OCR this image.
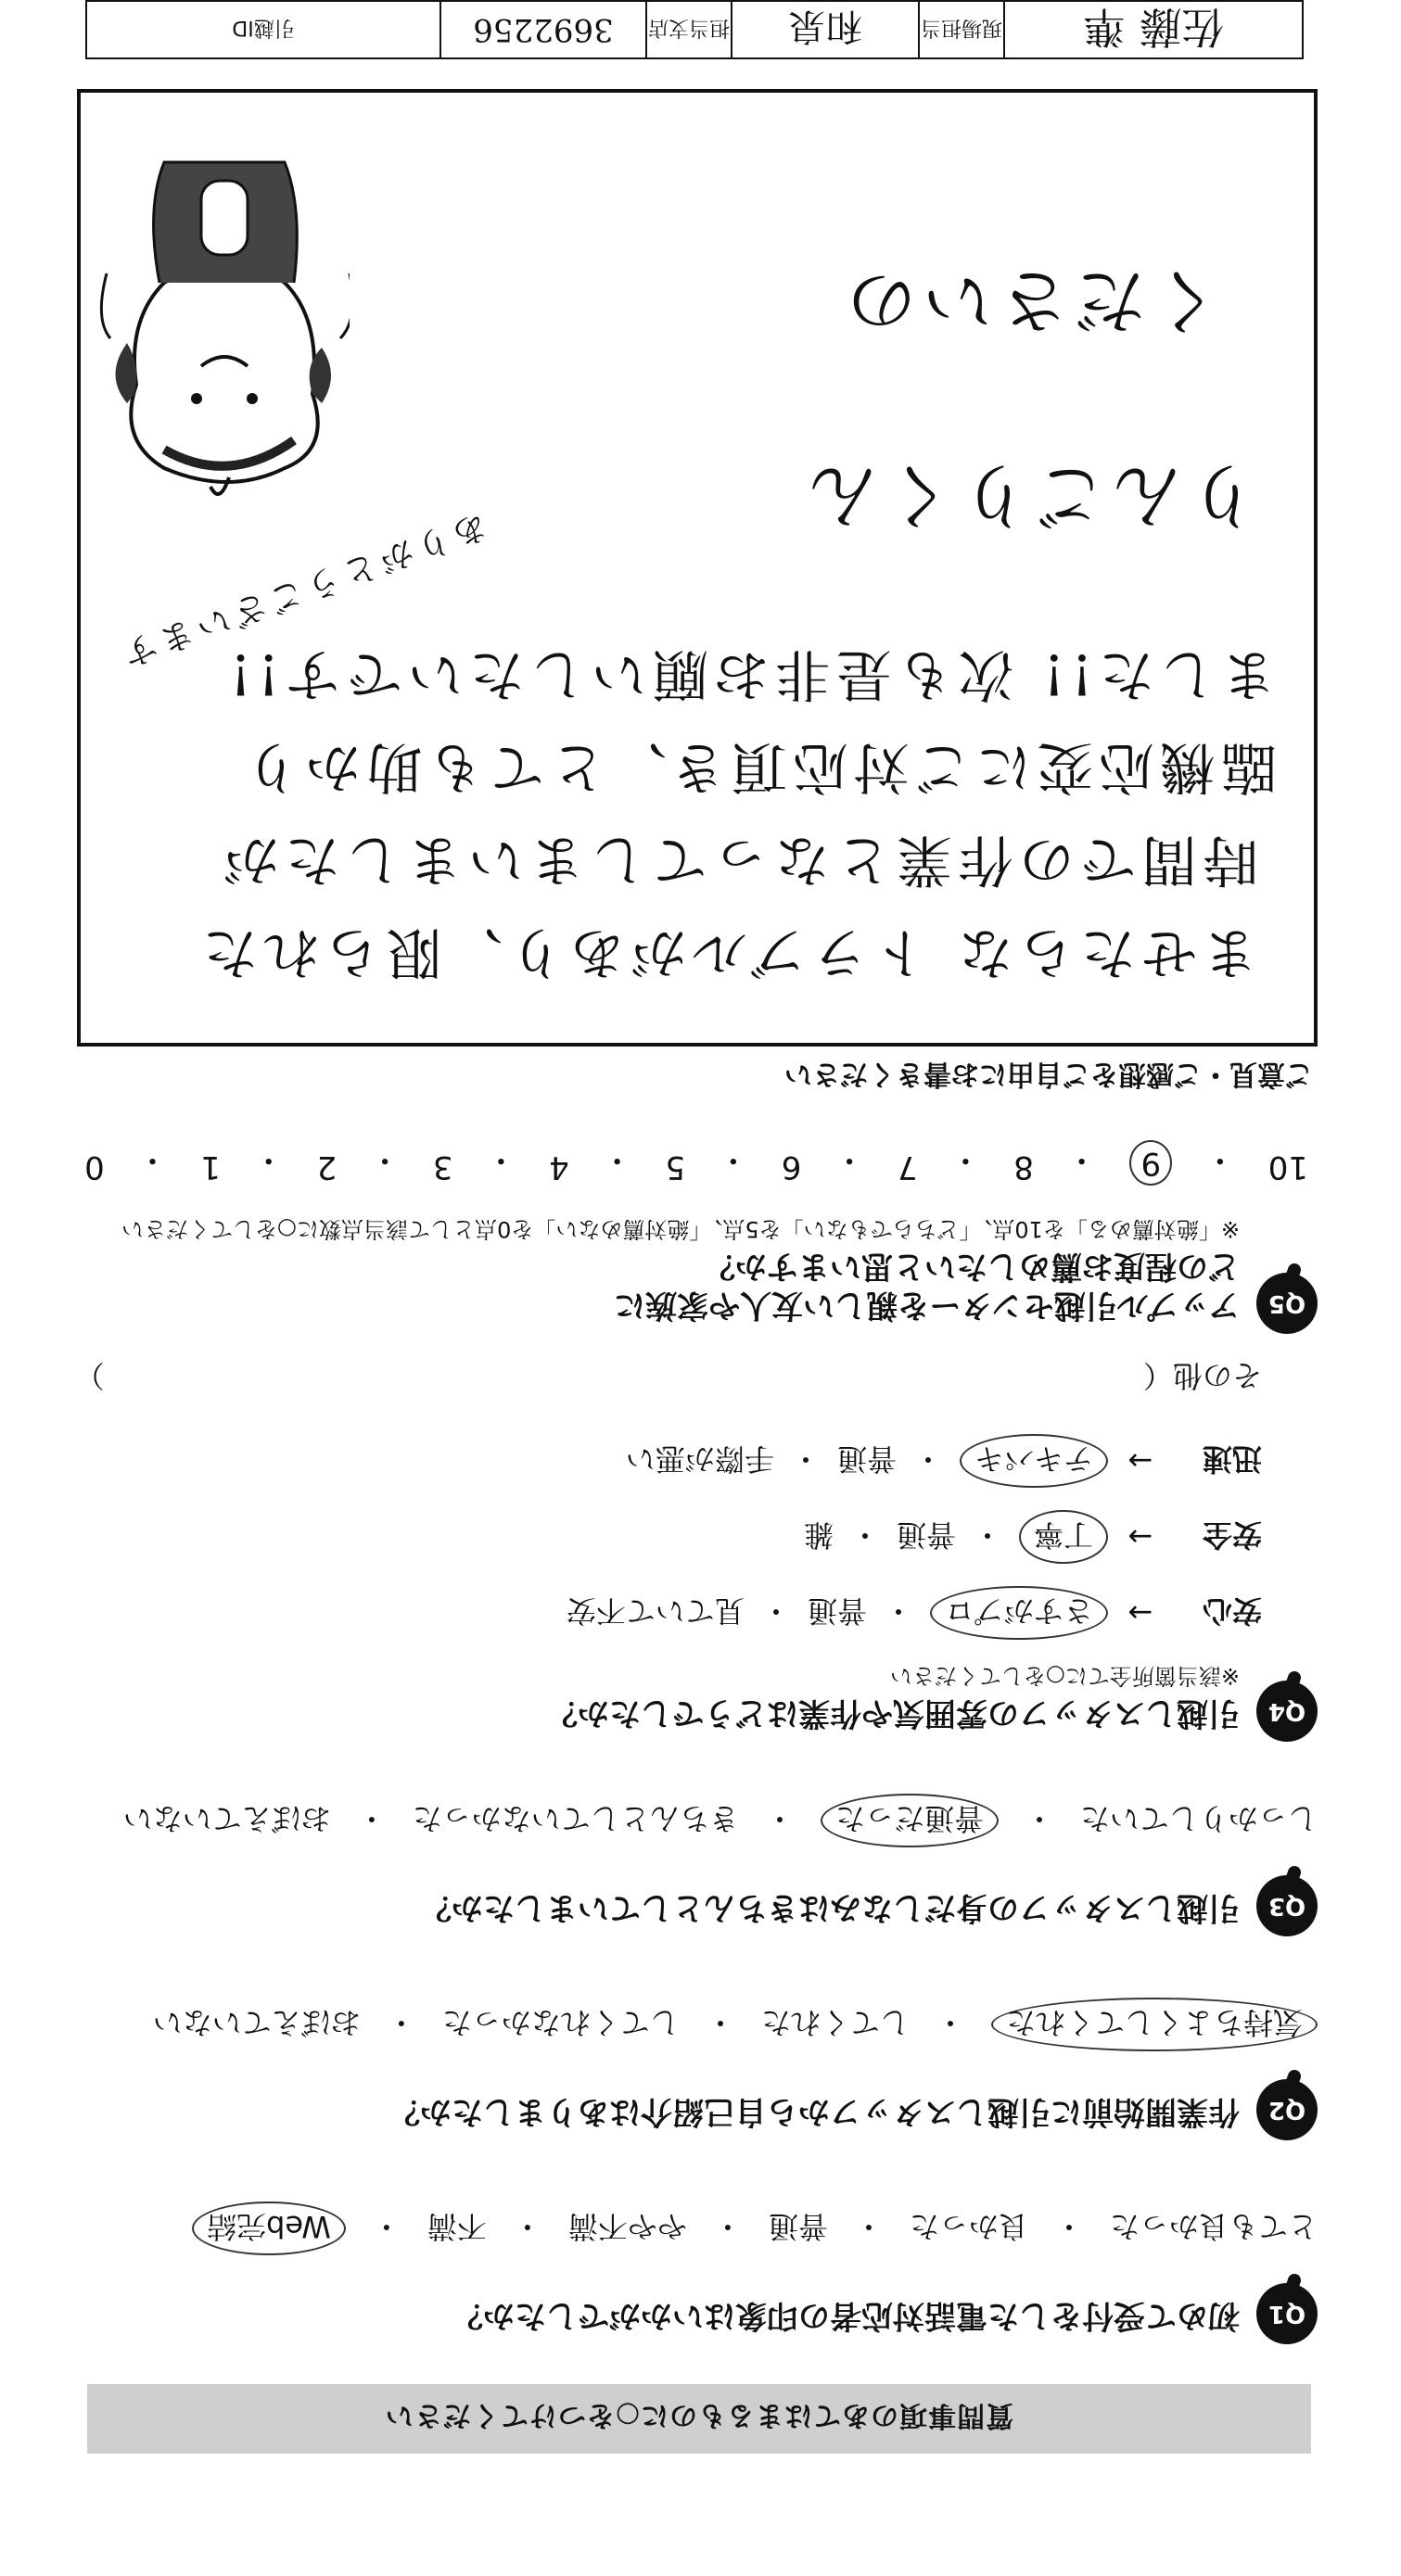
質問事項のあてはまるものに○をつけてください
Q1
初めて受付をした電話対応者の印象はいかがでしたか？
とても良かった
・
良かった
・
普通
・
やや不満
・
不満
・
Web完結
Q2
作業開始前に引越しスタッフから自己紹介はありましたか？
気持ちよくしてくれた
・
してくれた
・
してくれなかった
・
おぼえていない
Q3
引越しスタッフの身だしなみはきちんとしていましたか？
しっかりしていた
・
普通だった
・
きちんとしていなかった
・
おぼえていない
Q4
引越しスタッフの雰囲気や作業はどうでしたか？
※該当箇所全てに○をしてください
安心
→
さすがプロ
・
普通
・
見ていて不安
安全
→
丁寧
・
普通
・
雑
迅速
→
テキパキ
・
普通
・
手際が悪い
その他（  ）
Q5
アップル引越センターを親しい友人や家族に
どの程度お薦めしたいと思いますか？
※「絶対薦める」を10点、「どちらでもない」を5点、「絶対薦めない」を0点として該当点数に○をしてください
10
・
9
・
8
・
7
・
6
・
5
・
4
・
3
・
2
・
1
・
0
ご意見・ご感想をご自由にお書きください
ませたらな トラブルがあり、限られた
時間での作業となってしまいましたが
臨機応変にご対応頂き、とても助かり
ました!! 次も是非お願いしたいです!!
りんごりくん
くださいの
ありがとうございます
佐藤 準
現場担当
和泉
担当支店
3692256
引越ID
